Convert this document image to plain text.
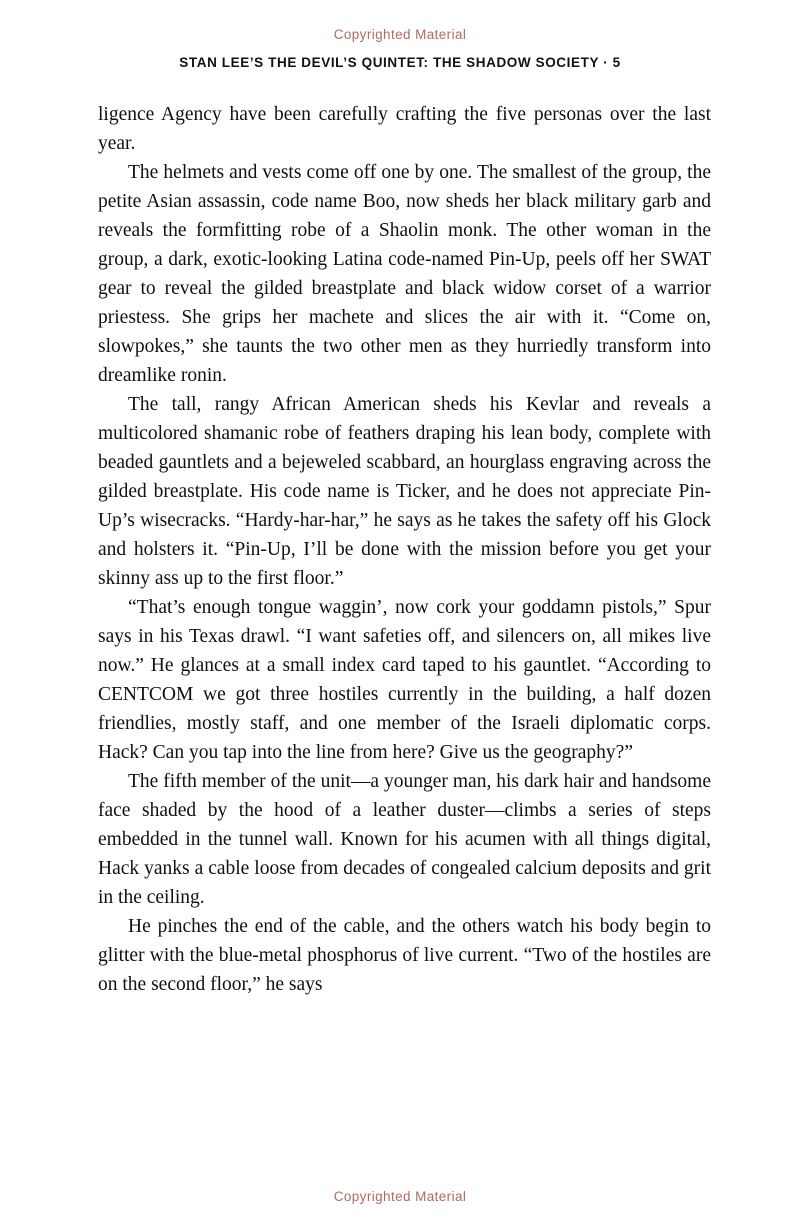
Copyrighted Material
STAN LEE’S THE DEVIL’S QUINTET: THE SHADOW SOCIETY · 5

ligence Agency have been carefully crafting the five personas over the last year.

The helmets and vests come off one by one. The smallest of the group, the petite Asian assassin, code name Boo, now sheds her black military garb and reveals the formfitting robe of a Shaolin monk. The other woman in the group, a dark, exotic-looking Latina code-named Pin-Up, peels off her SWAT gear to reveal the gilded breastplate and black widow corset of a warrior priestess. She grips her machete and slices the air with it. “Come on, slowpokes,” she taunts the two other men as they hurriedly transform into dreamlike ronin.

The tall, rangy African American sheds his Kevlar and reveals a multicolored shamanic robe of feathers draping his lean body, complete with beaded gauntlets and a bejeweled scabbard, an hourglass engraving across the gilded breastplate. His code name is Ticker, and he does not appreciate Pin-Up’s wisecracks. “Hardy-har-har,” he says as he takes the safety off his Glock and holsters it. “Pin-Up, I’ll be done with the mission before you get your skinny ass up to the first floor.”

“That’s enough tongue waggin’, now cork your goddamn pistols,” Spur says in his Texas drawl. “I want safeties off, and silencers on, all mikes live now.” He glances at a small index card taped to his gauntlet. “According to CENTCOM we got three hostiles currently in the building, a half dozen friendlies, mostly staff, and one member of the Israeli diplomatic corps. Hack? Can you tap into the line from here? Give us the geography?”

The fifth member of the unit—a younger man, his dark hair and handsome face shaded by the hood of a leather duster—climbs a series of steps embedded in the tunnel wall. Known for his acumen with all things digital, Hack yanks a cable loose from decades of congealed calcium deposits and grit in the ceiling.

He pinches the end of the cable, and the others watch his body begin to glitter with the blue-metal phosphorus of live current. “Two of the hostiles are on the second floor,” he says

Copyrighted Material
